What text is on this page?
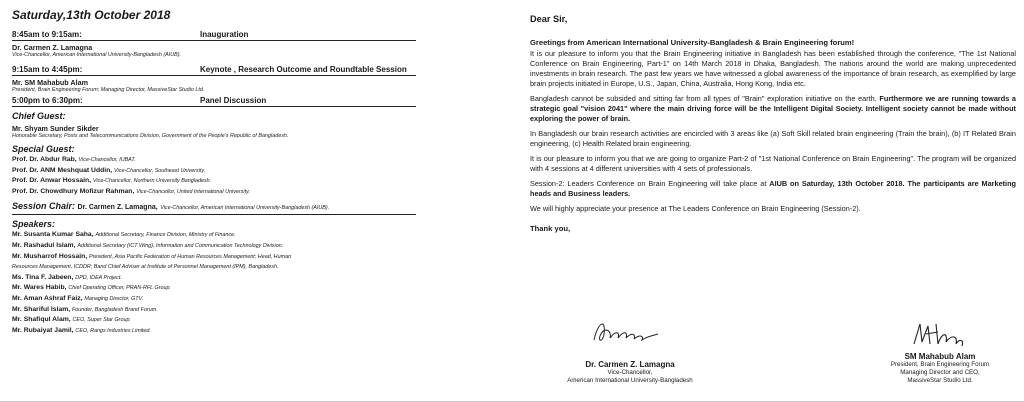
Saturday,13th October 2018
8:45am to 9:15am:	Inauguration
Dr. Carmen Z. Lamagna
Vice-Chancellor, American International University-Bangladesh (AIUB).
9:15am to 4:45pm:	Keynote , Research Outcome and Roundtable Session
Mr. SM Mahabub Alam
President, Brain Engineering Forum; Managing Director, MassiveStar Studio Ltd.
5:00pm to 6:30pm:	Panel Discussion
Chief Guest:
Mr. Shyam Sunder Sikder
Honorable Secretary, Posts and Telecommunications Division, Government of the People's Republic of Bangladesh.
Special Guest:
Prof. Dr. Abdur Rab, Vice-Chancellor, IUBAT.
Prof. Dr. ANM Meshquat Uddin, Vice-Chancellor, Southeast University.
Prof. Dr. Anwar Hossain, Vice-Chancellor, Northern University Bangladesh.
Prof. Dr. Chowdhury Mofizur Rahman, Vice-Chancellor, United International University.
Session Chair: Dr. Carmen Z. Lamagna, Vice-Chancellor, American International University-Bangladesh (AIUB).
Speakers:
Mr. Susanta Kumar Saha, Additional Secretary, Finance Division, Ministry of Finance.
Mr. Rashadul Islam, Additional Secretary (ICT Wing), Information and Communication Technology Division.
Mr. Musharrof Hossain, President, Asia Pacific Federation of Human Resources Management; Head, Human
Resources Management, ICDDR; Band Chief Adviser at Institute of Personnel Management (IPM), Bangladesh.
Ms. Tina F. Jabeen, DPD, IDEA Project.
Mr. Wares Habib, Chief Operating Officer, PRAN-RFL Group.
Mr. Aman Ashraf Faiz, Managing Director, GTV.
Mr. Shariful Islam, Founder, Bangladesh Brand Forum.
Mr. Shafiqul Alam, CEO, Super Star Group.
Mr. Rubaiyat Jamil, CEO, Rangs Industries Limited.
Dear Sir,
Greetings from American International University-Bangladesh & Brain Engineering forum!
It is our pleasure to inform you that the Brain Engineering initiative in Bangladesh has been established through the conference, "The 1st National Conference on Brain Engineering, Part-1" on 14th March 2018 in Dhaka, Bangladesh. The nations around the world are making unprecedented investments in brain research. The past few years we have witnessed a global awareness of the importance of brain research, as exemplified by large brain projects initiated in Europe, U.S., Japan, China, Australia, Hong Kong, India etc.
Bangladesh cannot be subsided and sitting far from all types of "Brain" exploration initiative on the earth. Furthermore we are running towards a strategic goal "vision 2041" where the main driving force will be the Intelligent Digital Society. Intelligent society cannot be made without exploring the power of brain.
In Bangladesh our brain research activities are encircled with 3 areas like (a) Soft Skill related brain engineering (Train the brain), (b) IT Related Brain engineering, (c) Health Related brain engineering.
It is our pleasure to inform you that we are going to organize Part-2 of "1st National Conference on Brain Engineering". The program will be organized with 4 sessions at 4 different universities with 4 sets of professionals.
Session-2: Leaders Conference on Brain Engineering will take place at AIUB on Saturday, 13th October 2018. The participants are Marketing heads and Business leaders.
We will highly appreciate your presence at The Leaders Conference on Brain Engineering (Session-2).
Thank you,
Dr. Carmen Z. Lamagna
Vice-Chancellor,
American International University-Bangladesh
SM Mahabub Alam
President, Brain Engineering Forum
Managing Director and CEO,
MassiveStar Studio Ltd.
